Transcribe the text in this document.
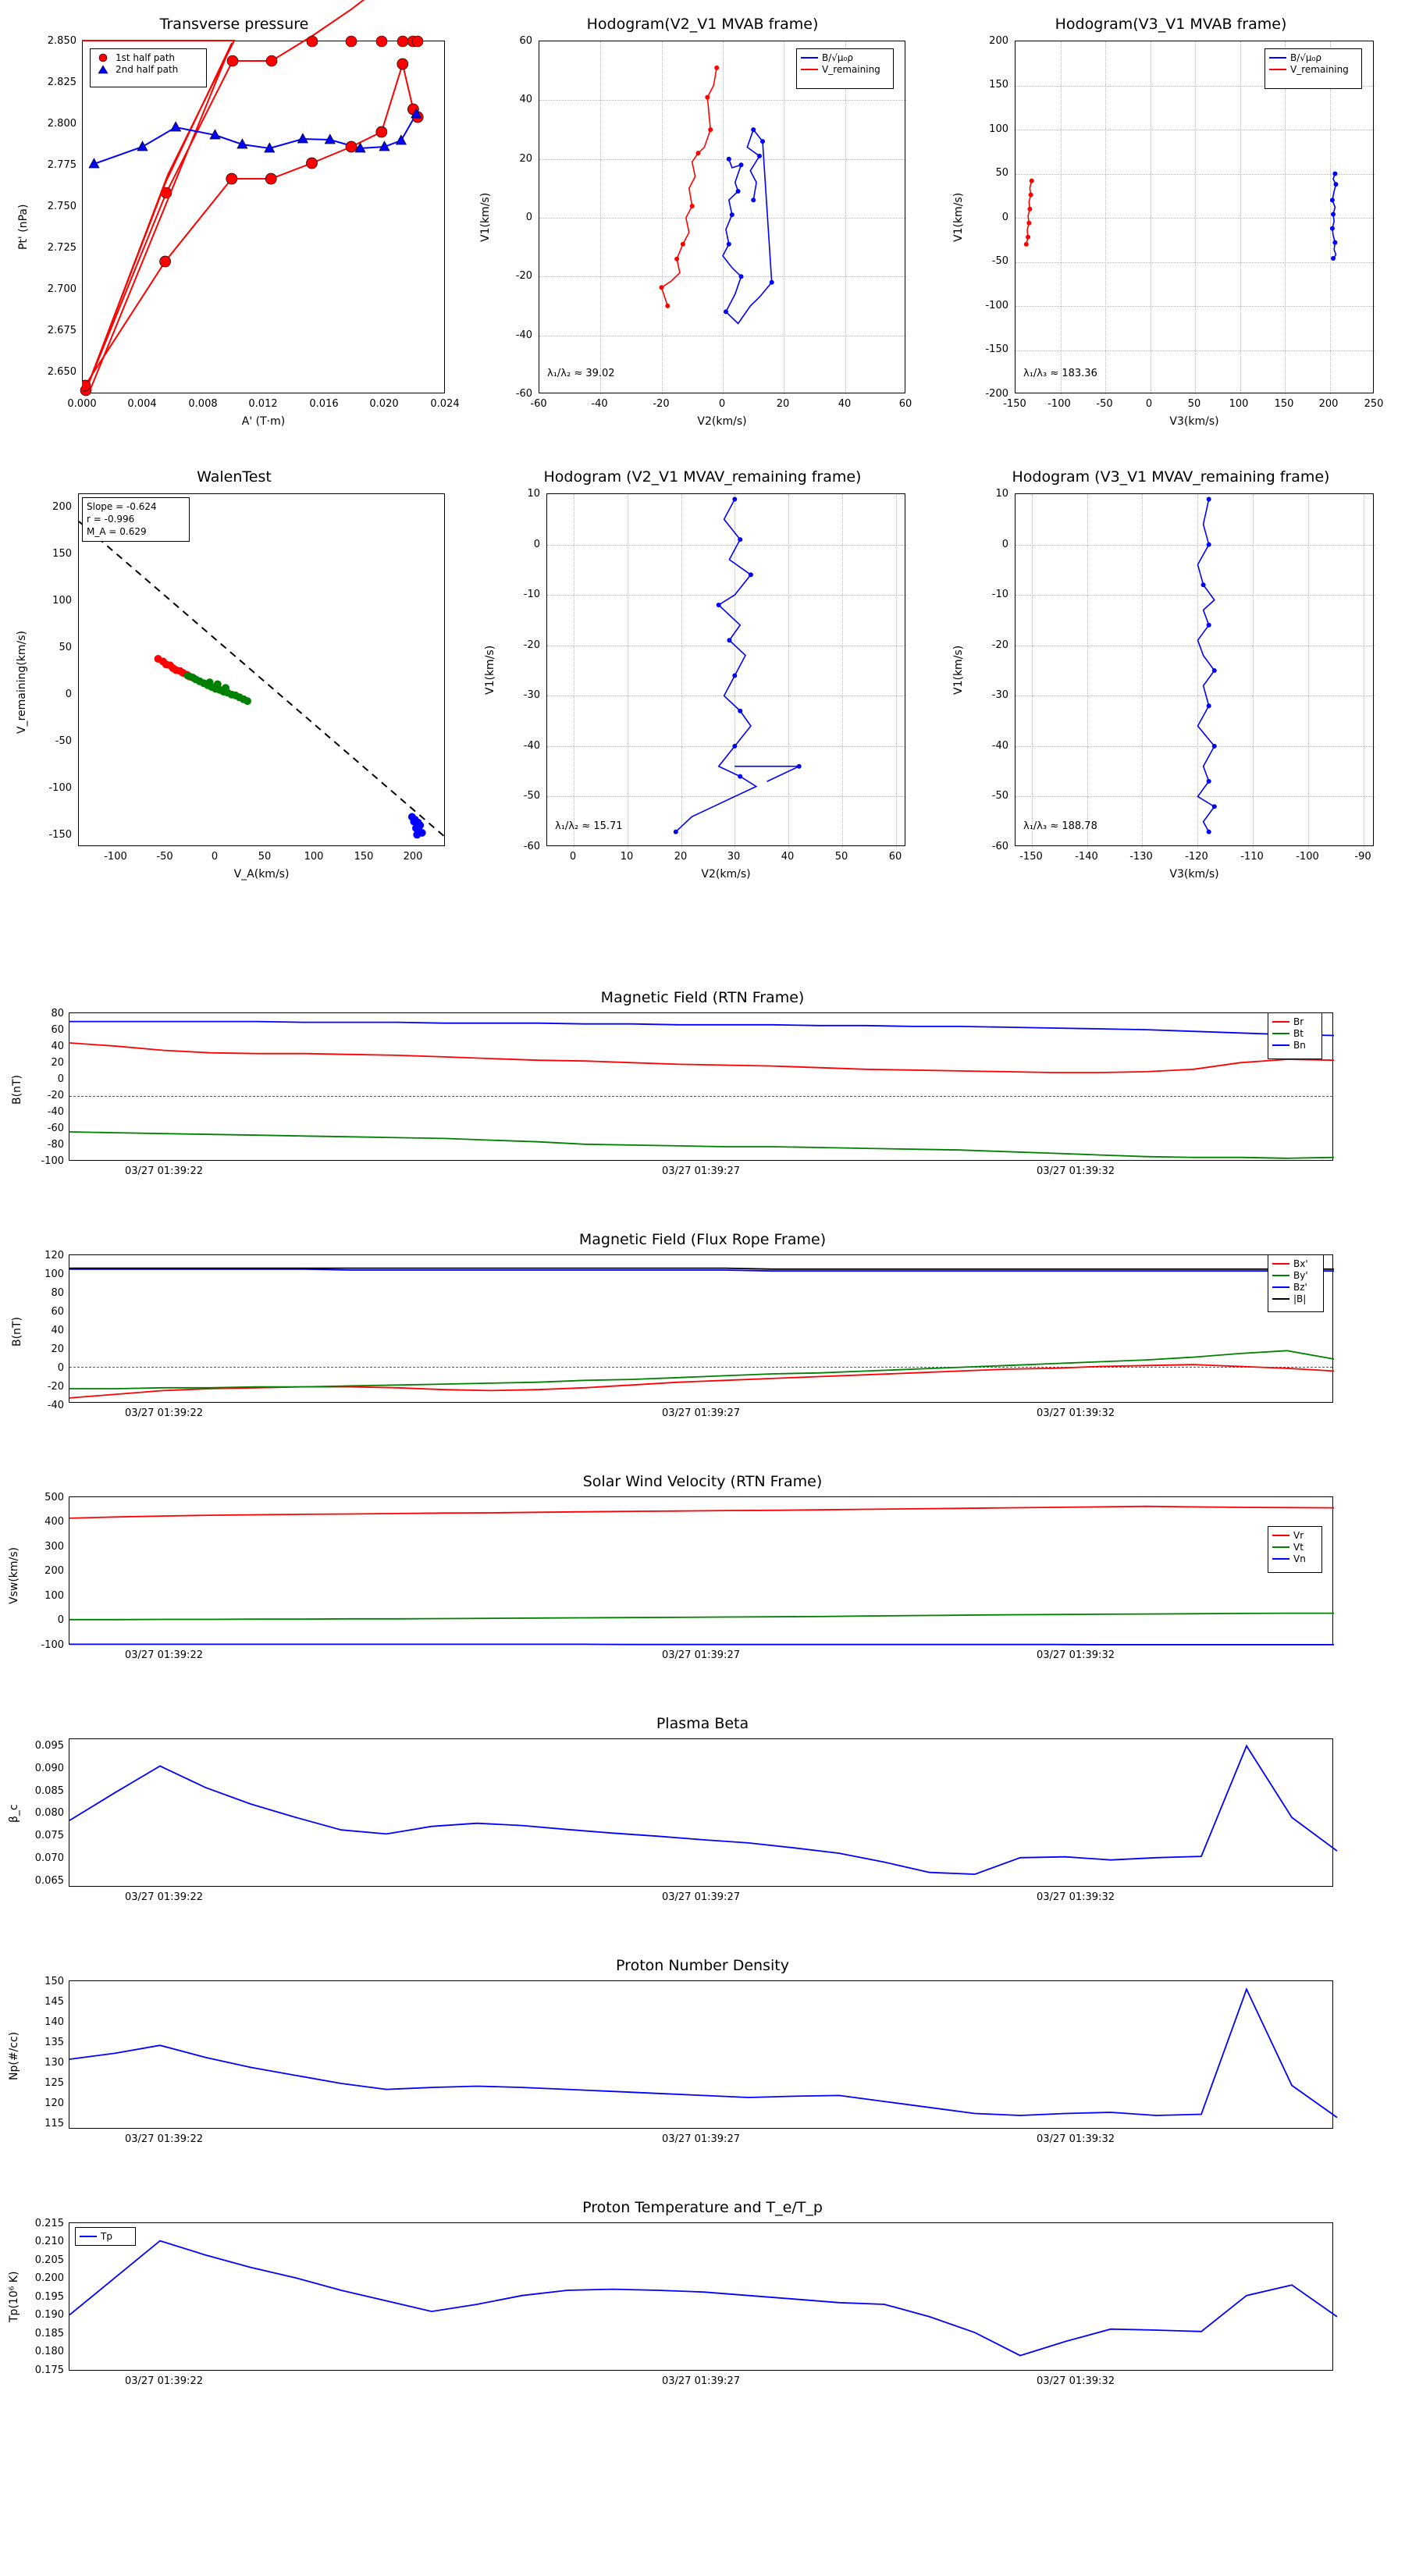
Transverse pressure
2.850
2.825
2.800
2.775
2.750
2.725
2.700
2.675
2.650
0.000	0.004	0.008	0.012	0.016	0.020	0.024
A' (T·m)
Pt' (nPa)
1st half path
2nd half path
Hodogram(V2_V1 MVAB frame)
λ₁/λ₂ ≈ 39.02
60
40
20
0
-20
-40
-60
-60	-40	-20	0	20	40	60
V2(km/s)
V1(km/s)
B/√μ₀ρ
V_remaining
Hodogram(V3_V1 MVAB frame)
λ₁/λ₃ ≈ 183.36
200
150
100
50
0
-50
-100
-150
-200
-150	-100	-50	0	50	100	150	200	250
V3(km/s)
V1(km/s)
B/√μ₀ρ
V_remaining
WalenTest
Slope = -0.624
r = -0.996
M_A = 0.629
200
150
100
50
0
-50
-100
-150
-100	-50	0	50	100	150	200
V_A(km/s)
V_remaining(km/s)
Hodogram (V2_V1 MVAV_remaining frame)
λ₁/λ₂ ≈ 15.71
10
0
-10
-20
-30
-40
-50
-60
0	10	20	30	40	50	60
V2(km/s)
V1(km/s)
Hodogram (V3_V1 MVAV_remaining frame)
λ₁/λ₃ ≈ 188.78
10
0
-10
-20
-30
-40
-50
-60
-150	-140	-130	-120	-110	-100	-90
V3(km/s)
V1(km/s)
Magnetic Field (RTN Frame)
80
60
40
20
0
-20
-40
-60
-80
-100
03/27 01:39:22	03/27 01:39:27	03/27 01:39:32
B(nT)
Br
Bt
Bn
Magnetic Field (Flux Rope Frame)
120
100
80
60
40
20
0
-20
-40
03/27 01:39:22	03/27 01:39:27	03/27 01:39:32
B(nT)
Bx'
By'
Bz'
|B|
Solar Wind Velocity (RTN Frame)
500
400
300
200
100
0
-100
03/27 01:39:22	03/27 01:39:27	03/27 01:39:32
Vsw(km/s)
Vr
Vt
Vn
Plasma Beta
0.095
0.090
0.085
0.080
0.075
0.070
0.065
03/27 01:39:22	03/27 01:39:27	03/27 01:39:32
β_c
Proton Number Density
150
145
140
135
130
125
120
115
03/27 01:39:22	03/27 01:39:27	03/27 01:39:32
Np(#/cc)
Proton Temperature and T_e/T_p
0.215
0.210
0.205
0.200
0.195
0.190
0.185
0.180
0.175
03/27 01:39:22	03/27 01:39:27	03/27 01:39:32
Tp(10⁶ K)
Tp
